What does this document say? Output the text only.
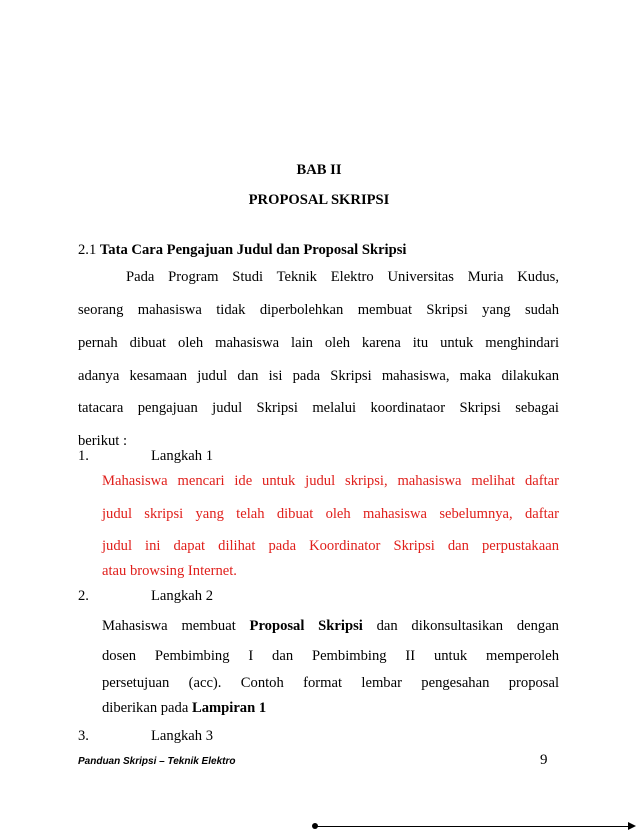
BAB II
PROPOSAL SKRIPSI
2.1 Tata Cara Pengajuan Judul dan Proposal Skripsi
Pada Program Studi Teknik Elektro Universitas Muria Kudus,
seorang mahasiswa tidak diperbolehkan membuat Skripsi yang sudah
pernah dibuat oleh mahasiswa lain oleh karena itu untuk menghindari
adanya kesamaan judul dan isi pada Skripsi mahasiswa, maka dilakukan
tatacara pengajuan judul Skripsi melalui koordinataor Skripsi sebagai
berikut :
1.	Langkah 1
Mahasiswa mencari ide untuk judul skripsi, mahasiswa melihat daftar
judul skripsi yang telah dibuat oleh mahasiswa sebelumnya, daftar
judul ini dapat dilihat pada Koordinator Skripsi dan perpustakaan
atau browsing Internet.
2.	Langkah 2
Mahasiswa membuat Proposal Skripsi dan dikonsultasikan dengan
dosen Pembimbing I dan Pembimbing II untuk memperoleh
persetujuan (acc). Contoh format lembar pengesahan proposal
diberikan pada Lampiran 1
3.	Langkah 3
Panduan Skripsi – Teknik Elektro	9
